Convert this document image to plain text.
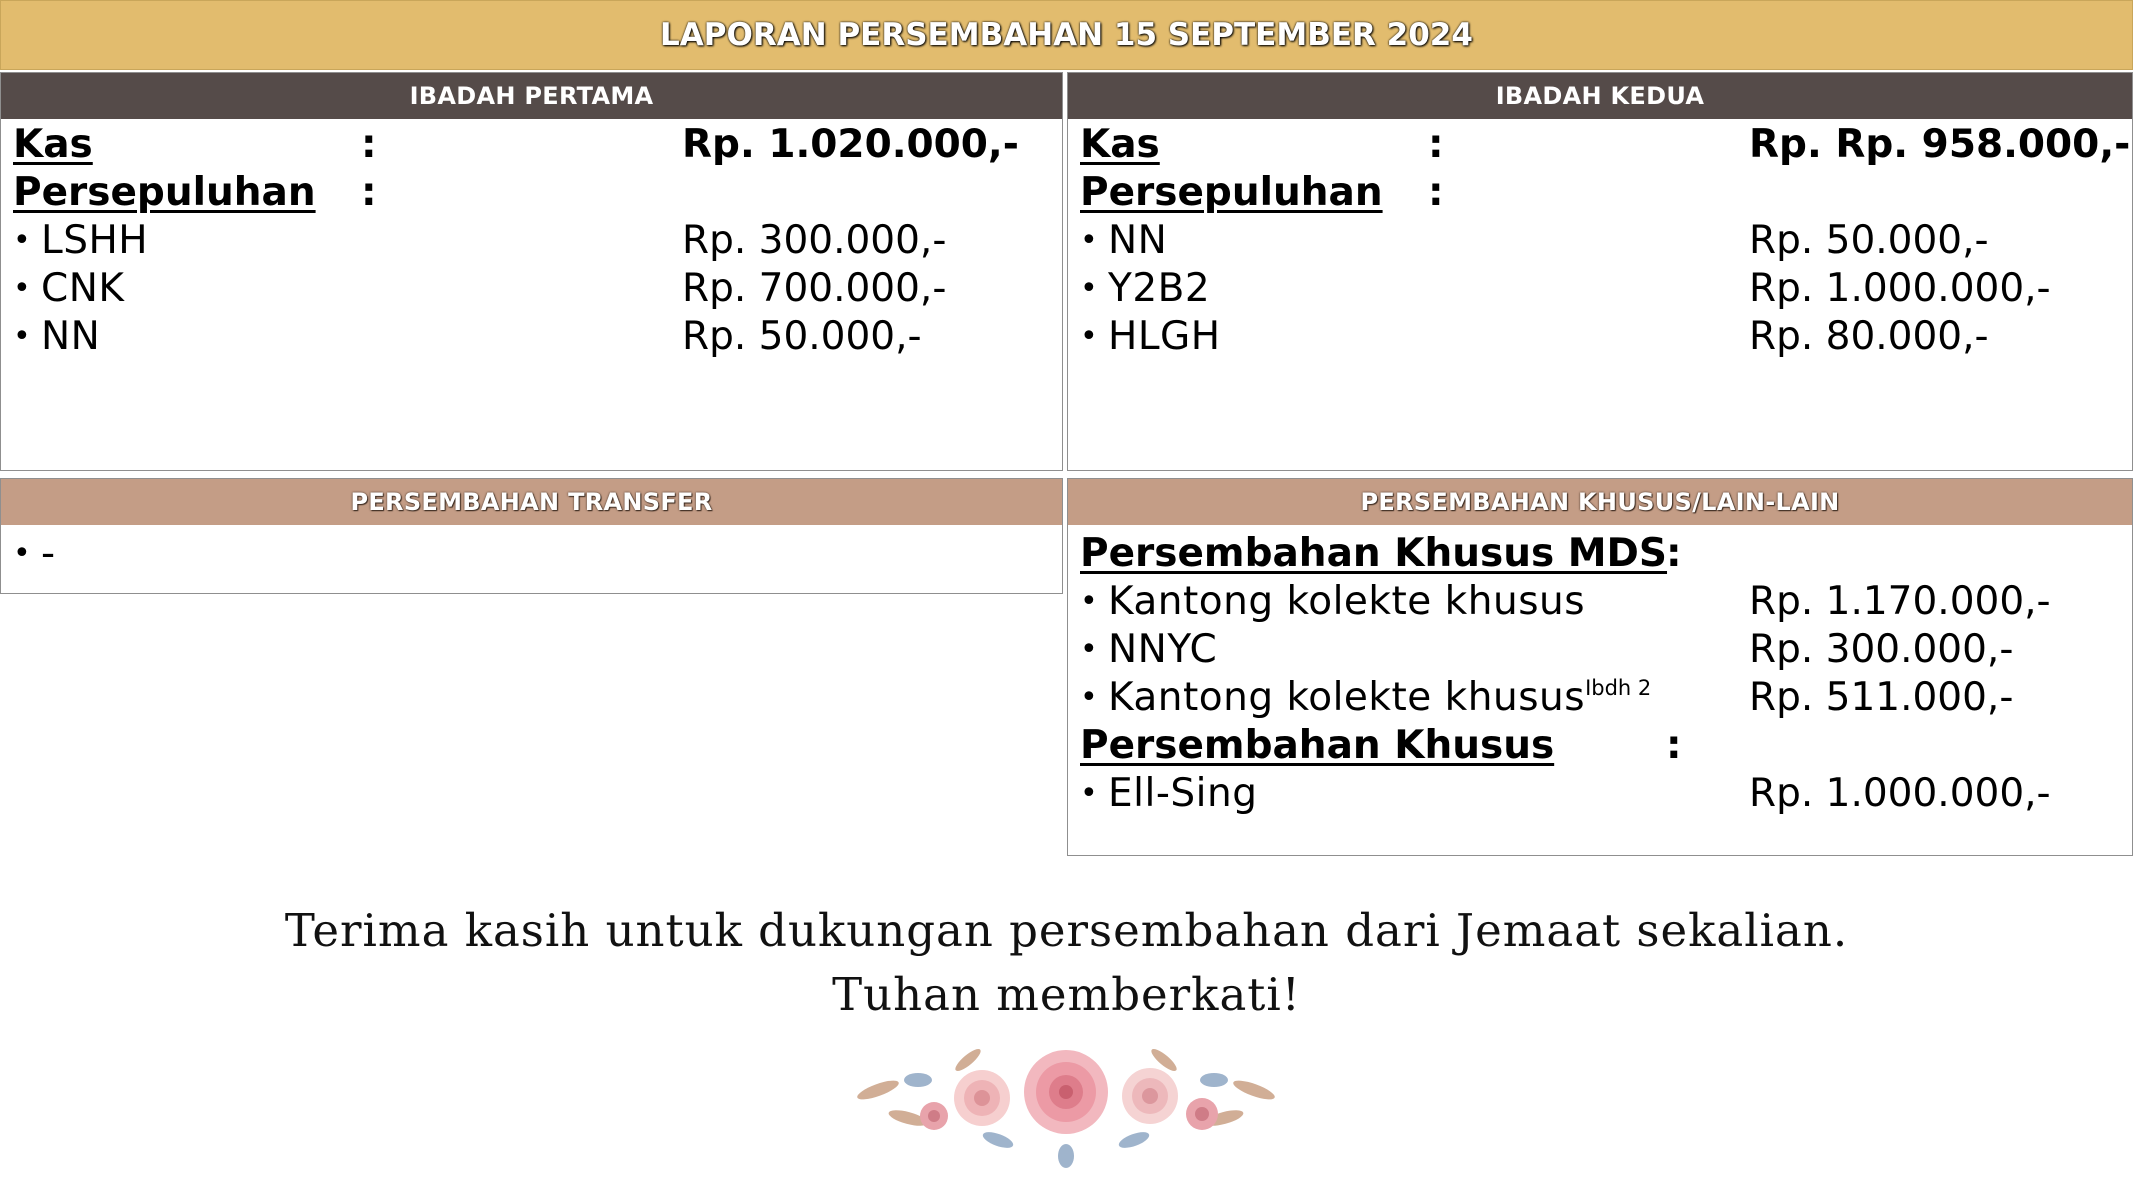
LAPORAN PERSEMBAHAN 15 SEPTEMBER 2024
IBADAH PERTAMA
Kas	:	Rp. 1.020.000,-
Persepuluhan :
• LSHH	Rp. 300.000,-
• CNK	Rp. 700.000,-
• NN	Rp. 50.000,-
IBADAH KEDUA
Kas	:	Rp. Rp. 958.000,-
Persepuluhan :
• NN	Rp. 50.000,-
• Y2B2	Rp. 1.000.000,-
• HLGH	Rp. 80.000,-
PERSEMBAHAN TRANSFER
• -
PERSEMBAHAN KHUSUS/LAIN-LAIN
Persembahan Khusus MDS
:
• Kantong kolekte khusus	Rp. 1.170.000,-
• NNYC	Rp. 300.000,-
• Kantong kolekte khusus$^{Ibdh 2}$	Rp. 511.000,-
Persembahan Khusus	:
• Ell-Sing	Rp. 1.000.000,-
Terima kasih untuk dukungan persembahan dari Jemaat sekalian.
Tuhan memberkati!
